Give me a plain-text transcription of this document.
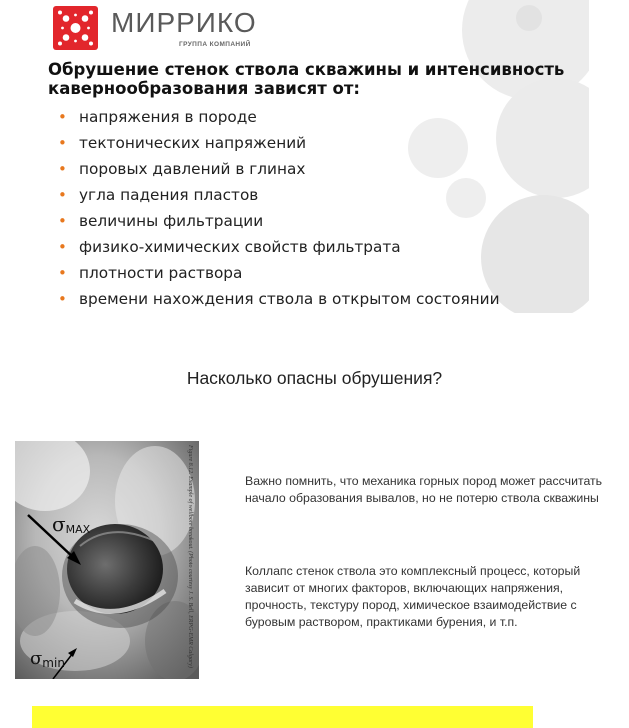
МИРРИКО
ГРУППА КОМПАНИЙ
Обрушение стенок ствола скважины и интенсивность кавернообразования зависят от:
• напряжения в породе
• тектонических напряжений
• поровых давлений в глинах
• угла падения пластов
• величины фильтрации
• физико-химических свойств фильтрата
• плотности раствора
• времени нахождения ствола в открытом состоянии
Насколько опасны обрушения?
$\sigma_{MAX}$
$\sigma_{min}$	Figure 8.12. Example of wellbore breakout. (Photo courtesy J. S. Bell, ERPG-EMR Calgary)	Важно помнить, что механика горных пород может рассчитать начало образования вывалов, но не потерю ствола скважины
Коллапс стенок ствола это комплексный процесс, который зависит от многих факторов, включающих напряжения, прочность, текстуру пород, химическое взаимодействие с буровым раствором, практиками бурения, и т.п.
